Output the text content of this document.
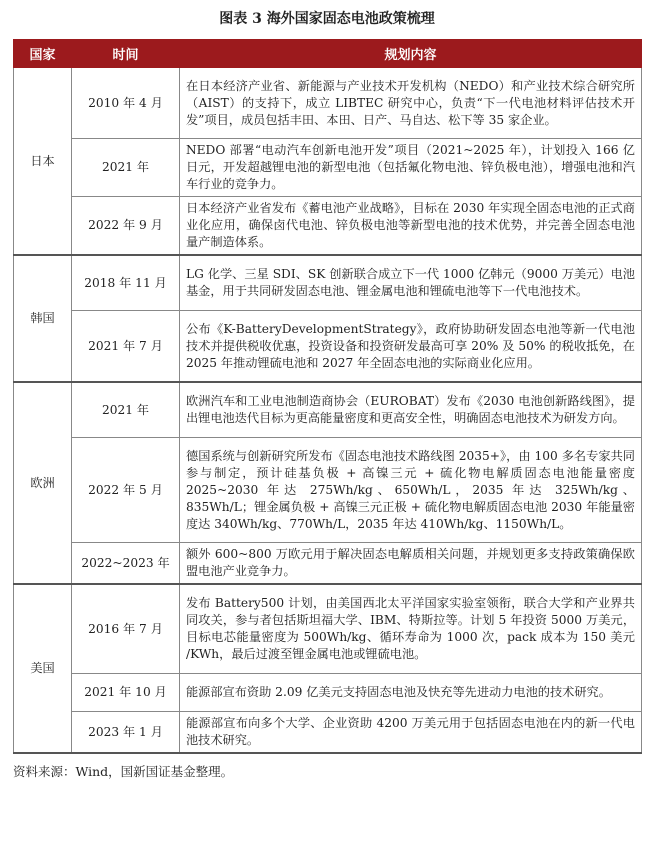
图表 3 海外国家固态电池政策梳理
国家	时间	规划内容
日本	2010 年 4 月	在日本经济产业省、新能源与产业技术开发机构（NEDO）和产业技术综合研究所（AIST）的支持下，成立 LIBTEC 研究中心，负责“下一代电池材料评估技术开发”项目，成员包括丰田、本田、日产、马自达、松下等 35 家企业。
	2021 年	NEDO 部署“电动汽车创新电池开发”项目（2021~2025 年），计划投入 166 亿日元，开发超越锂电池的新型电池（包括氟化物电池、锌负极电池），增强电池和汽车行业的竞争力。
	2022 年 9 月	日本经济产业省发布《蓄电池产业战略》，目标在 2030 年实现全固态电池的正式商业化应用，确保卤代电池、锌负极电池等新型电池的技术优势，并完善全固态电池量产制造体系。
韩国	2018 年 11 月	LG 化学、三星 SDI、SK 创新联合成立下一代 1000 亿韩元（9000 万美元）电池基金，用于共同研发固态电池、锂金属电池和锂硫电池等下一代电池技术。
	2021 年 7 月	公布《K-BatteryDevelopmentStrategy》，政府协助研发固态电池等新一代电池技术并提供税收优惠，投资设备和投资研发最高可享 20% 及 50% 的税收抵免，在 2025 年推动锂硫电池和 2027 年全固态电池的实际商业化应用。
欧洲	2021 年	欧洲汽车和工业电池制造商协会（EUROBAT）发布《2030 电池创新路线图》，提出锂电池迭代目标为更高能量密度和更高安全性，明确固态电池技术为研发方向。
	2022 年 5 月	德国系统与创新研究所发布《固态电池技术路线图 2035+》，由 100 多名专家共同参与制定，预计硅基负极 + 高镍三元 + 硫化物电解质固态电池能量密度 2025~2030 年达 275Wh/kg、650Wh/L，2035 年达 325Wh/kg、835Wh/L；锂金属负极 + 高镍三元正极 + 硫化物电解质固态电池 2030 年能量密度达 340Wh/kg、770Wh/L，2035 年达 410Wh/kg、1150Wh/L。
	2022~2023 年	额外 600~800 万欧元用于解决固态电解质相关问题，并规划更多支持政策确保欧盟电池产业竞争力。
美国	2016 年 7 月	发布 Battery500 计划，由美国西北太平洋国家实验室领衔，联合大学和产业界共同攻关，参与者包括斯坦福大学、IBM、特斯拉等。计划 5 年投资 5000 万美元，目标电芯能量密度为 500Wh/kg、循环寿命为 1000 次，pack 成本为 150 美元 /KWh，最后过渡至锂金属电池或锂硫电池。
	2021 年 10 月	能源部宣布资助 2.09 亿美元支持固态电池及快充等先进动力电池的技术研究。
	2023 年 1 月	能源部宣布向多个大学、企业资助 4200 万美元用于包括固态电池在内的新一代电池技术研究。
资料来源：Wind，国新国证基金整理。
